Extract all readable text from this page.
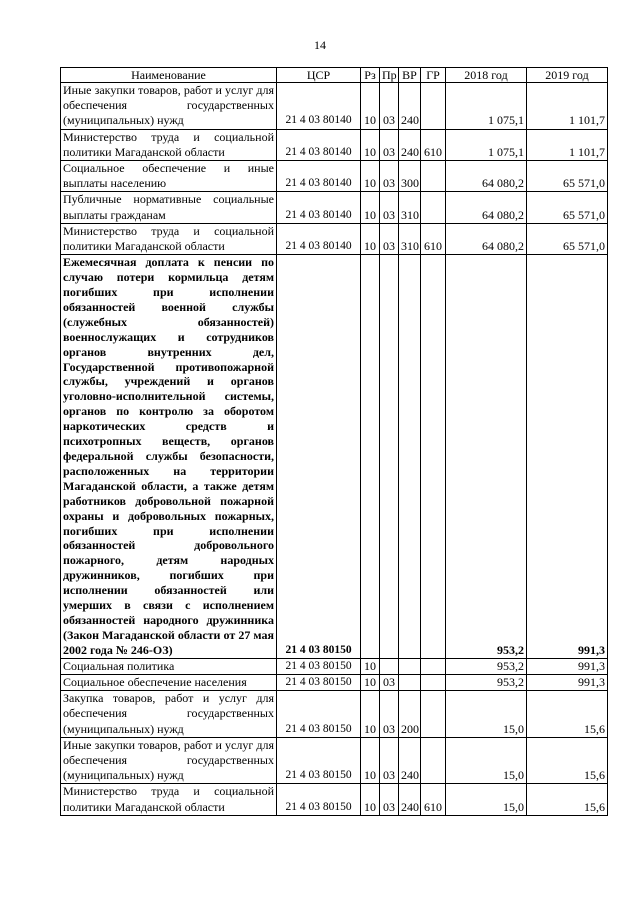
14
Наименование	ЦСР	Рз	Пр	ВР	ГР	2018 год	2019 год
Иные закупки товаров, работ и услуг для обеспечения государственных (муниципальных) нужд	21 4 03 80140	10	03	240		1 075,1	1 101,7
Министерство труда и социальной политики Магаданской области	21 4 03 80140	10	03	240	610	1 075,1	1 101,7
Социальное обеспечение и иные выплаты населению	21 4 03 80140	10	03	300		64 080,2	65 571,0
Публичные нормативные социальные выплаты гражданам	21 4 03 80140	10	03	310		64 080,2	65 571,0
Министерство труда и социальной политики Магаданской области	21 4 03 80140	10	03	310	610	64 080,2	65 571,0
Ежемесячная доплата к пенсии по случаю потери кормильца детям погибших при исполнении обязанностей военной службы (служебных обязанностей) военнослужащих и сотрудников органов внутренних дел, Государственной противопожарной службы, учреждений и органов уголовно-исполнительной системы, органов по контролю за оборотом наркотических средств и психотропных веществ, органов федеральной службы безопасности, расположенных на территории Магаданской области, а также детям работников добровольной пожарной охраны и добровольных пожарных, погибших при исполнении обязанностей добровольного пожарного, детям народных дружинников, погибших при исполнении обязанностей или умерших в связи с исполнением обязанностей народного дружинника (Закон Магаданской области от 27 мая 2002 года № 246-ОЗ)	21 4 03 80150					953,2	991,3
Социальная политика	21 4 03 80150	10				953,2	991,3
Социальное обеспечение населения	21 4 03 80150	10	03			953,2	991,3
Закупка товаров, работ и услуг для обеспечения государственных (муниципальных) нужд	21 4 03 80150	10	03	200		15,0	15,6
Иные закупки товаров, работ и услуг для обеспечения государственных (муниципальных) нужд	21 4 03 80150	10	03	240		15,0	15,6
Министерство труда и социальной политики Магаданской области	21 4 03 80150	10	03	240	610	15,0	15,6
